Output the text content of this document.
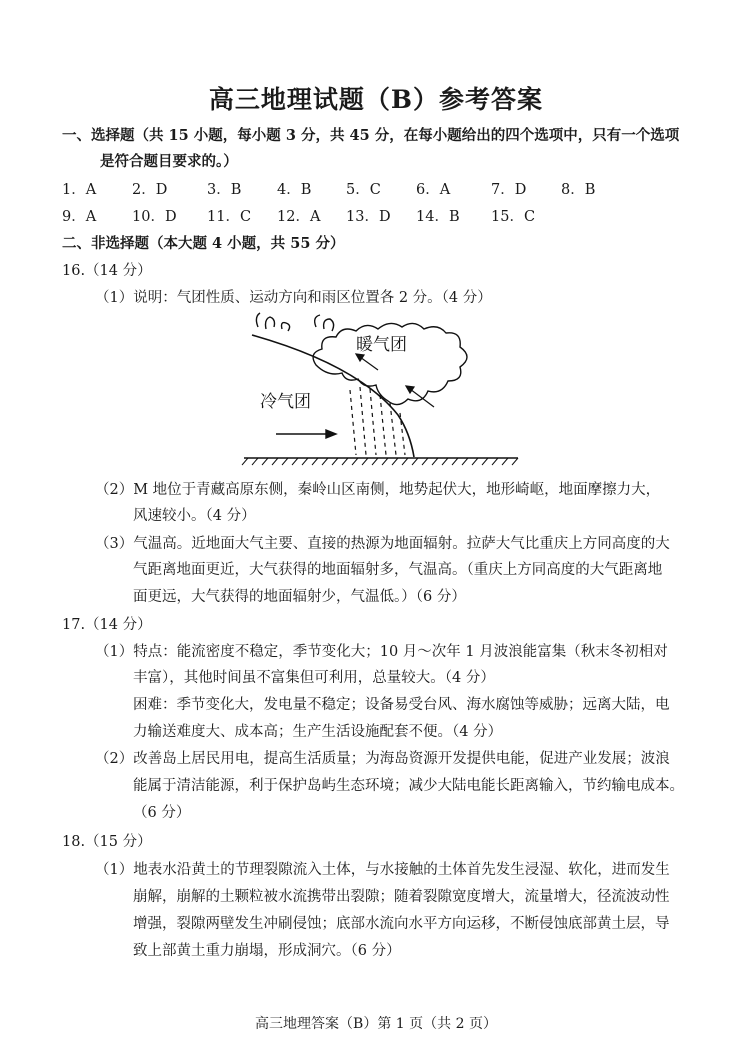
高三地理试题（B）参考答案
一、选择题（共 15 小题，每小题 3 分，共 45 分，在每小题给出的四个选项中，只有一个选项
是符合题目要求的。）
1．A 2．D	3．B 4．B 5．C 6．A	7．D 8．B
9．A 10．D 11．C 12．A 13．D 14．B 15．C
二、非选择题（本大题 4 小题，共 55 分）
16.（14 分）
（1）说明：气团性质、运动方向和雨区位置各 2 分。（4 分）
暖气团
冷气团
（2）M 地位于青藏高原东侧，秦岭山区南侧，地势起伏大，地形崎岖，地面摩擦力大，
风速较小。（4 分）
（3）气温高。近地面大气主要、直接的热源为地面辐射。拉萨大气比重庆上方同高度的大
气距离地面更近，大气获得的地面辐射多，气温高。（重庆上方同高度的大气距离地
面更远，大气获得的地面辐射少，气温低。）（6 分）
17.（14 分）
（1）特点：能流密度不稳定，季节变化大；10 月～次年 1 月波浪能富集（秋末冬初相对
丰富），其他时间虽不富集但可利用，总量较大。（4 分）
困难：季节变化大，发电量不稳定；设备易受台风、海水腐蚀等威胁；远离大陆，电
力输送难度大、成本高；生产生活设施配套不便。（4 分）
（2）改善岛上居民用电，提高生活质量；为海岛资源开发提供电能，促进产业发展；波浪
能属于清洁能源，利于保护岛屿生态环境；减少大陆电能长距离输入，节约输电成本。
（6 分）
18.（15 分）
（1）地表水沿黄土的节理裂隙流入土体，与水接触的土体首先发生浸湿、软化，进而发生
崩解，崩解的土颗粒被水流携带出裂隙；随着裂隙宽度增大，流量增大，径流波动性
增强，裂隙两壁发生冲刷侵蚀；底部水流向水平方向运移，不断侵蚀底部黄土层，导
致上部黄土重力崩塌，形成洞穴。（6 分）
高三地理答案（B）第 1 页（共 2 页）
